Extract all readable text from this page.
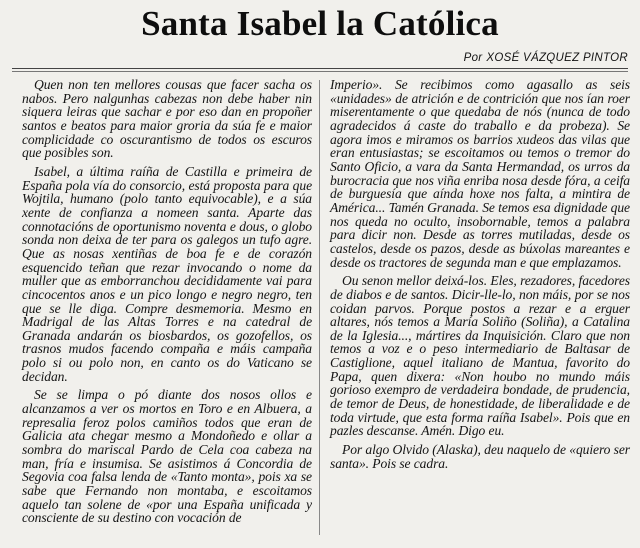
Santa Isabel la Católica
Por XOSÉ VÁZQUEZ PINTOR

Quen non ten mellores cousas que facer sacha os nabos. Pero nalgunhas cabezas non debe haber nin siquera leiras que sachar e por eso dan en propoñer santos e beatos para maior groria da súa fe e maior complicidade co oscurantismo de todos os escuros que posibles son.

Isabel, a última raíña de Castilla e primeira de España pola vía do consorcio, está proposta para que Wojtila, humano (polo tanto equivocable), e a súa xente de confianza a nomeen santa. Aparte das connotacións de oportunismo noventa e dous, o globo sonda non deixa de ter para os galegos un tufo agre. Que as nosas xentiñas de boa fe e de corazón esquencido teñan que rezar invocando o nome da muller que as emborranchou decididamente vai para cincocentos anos e un pico longo e negro negro, ten que se lle diga. Compre desmemoria. Mesmo en Madrigal de las Altas Torres e na catedral de Granada andarán os biosbardos, os gozofellos, os trasnos mudos facendo compaña e máis campaña polo si ou polo non, en canto os do Vaticano se decidan.

Se se limpa o pó diante dos nosos ollos e alcanzamos a ver os mortos en Toro e en Albuera, a represalia feroz polos camiños todos que eran de Galicia ata chegar mesmo a Mondoñedo e ollar a sombra do mariscal Pardo de Cela coa cabeza na man, fría e insumisa. Se asistimos á Concordia de Segovia coa falsa lenda de «Tanto monta», pois xa se sabe que Fernando non montaba, e escoitamos aquelo tan solene de «por una España unificada y consciente de su destino con vocación de

Imperio». Se recibimos como agasallo as seis «unidades» de atrición e de contrición que nos ían roer miserentamente o que quedaba de nós (nunca de todo agradecidos á caste do traballo e da probeza). Se agora imos e miramos os barrios xudeos das vilas que eran entusiastas; se escoitamos ou temos o tremor do Santo Oficio, a vara da Santa Hermandad, os urros da burocracia que nos viña enriba nosa desde fóra, a ceifa de burguesía que aínda hoxe nos falta, a mintira de América... Tamén Granada. Se temos esa dignidade que nos queda no oculto, insobornable, temos a palabra para dicir non. Desde as torres mutiladas, desde os castelos, desde os pazos, desde as búxolas mareantes e desde os tractores de segunda man e que emplazamos.

Ou senon mellor deixá-los. Eles, rezadores, facedores de diabos e de santos. Dicir-lle-lo, non máis, por se nos coidan parvos. Porque postos a rezar e a erguer altares, nós temos a María Soliño (Soliña), a Catalina de la Iglesia..., mártires da Inquisición. Claro que non temos a voz e o peso intermediario de Baltasar de Castiglione, aquel italiano de Mantua, favorito do Papa, quen dixera: «Non houbo no mundo máis gorioso exempro de verdadeira bondade, de prudencia, de temor de Deus, de honestidade, de liberalidade e de toda virtude, que esta forma raíña Isabel». Pois que en pazles descanse. Amén. Digo eu.

Por algo Olvido (Alaska), deu naquelo de «quiero ser santa». Pois se cadra.
